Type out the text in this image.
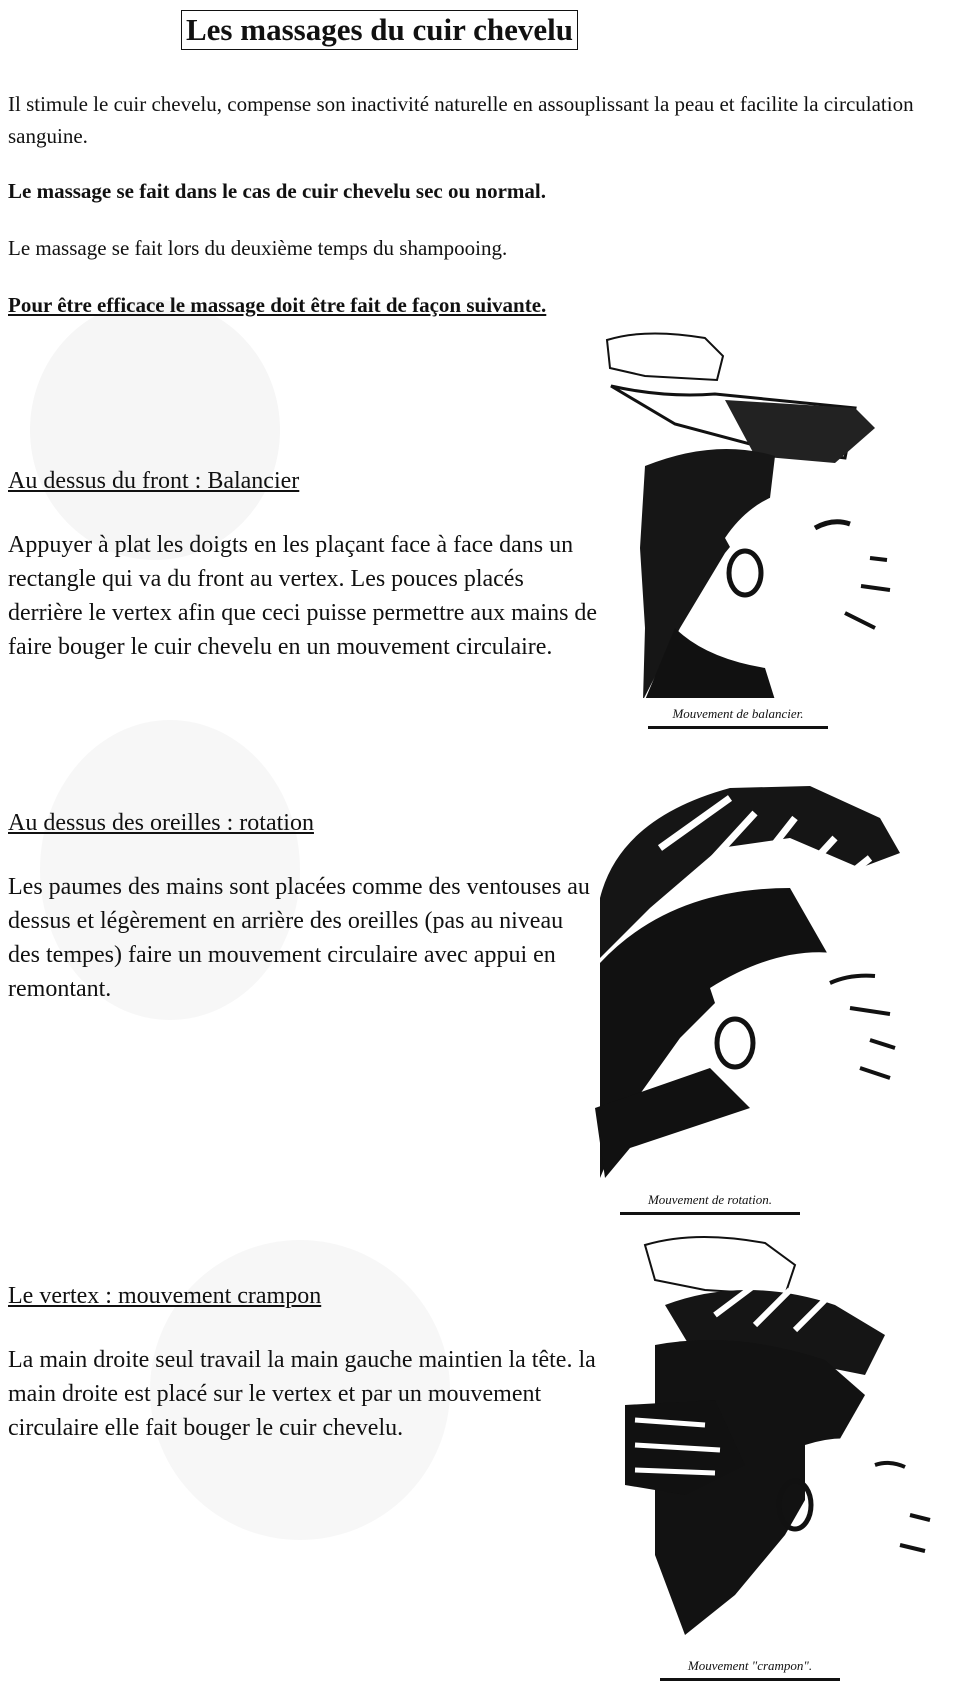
Les massages du cuir chevelu
Il stimule le cuir chevelu, compense son inactivité naturelle en assouplissant la peau et facilite la circulation sanguine.
Le massage se fait dans le cas de cuir chevelu sec ou normal.
Le massage se fait lors du deuxième temps du shampooing.
Pour être efficace le massage doit être fait de façon suivante.
Au dessus du front : Balancier
Appuyer à plat les doigts en les plaçant face à face dans un rectangle qui va du front au vertex. Les pouces placés derrière le vertex afin que ceci puisse permettre aux mains de faire bouger le cuir chevelu en un mouvement circulaire.
Mouvement de balancier.
Au dessus des oreilles : rotation
Les paumes des mains sont placées comme des ventouses au dessus et légèrement en arrière des oreilles (pas au niveau des tempes) faire un mouvement circulaire avec appui en remontant.
Mouvement de rotation.
Le vertex : mouvement crampon
La main droite seul travail la main gauche maintien la tête. la main droite est placé sur le vertex et par un mouvement circulaire elle fait bouger le cuir chevelu.
Mouvement "crampon".
